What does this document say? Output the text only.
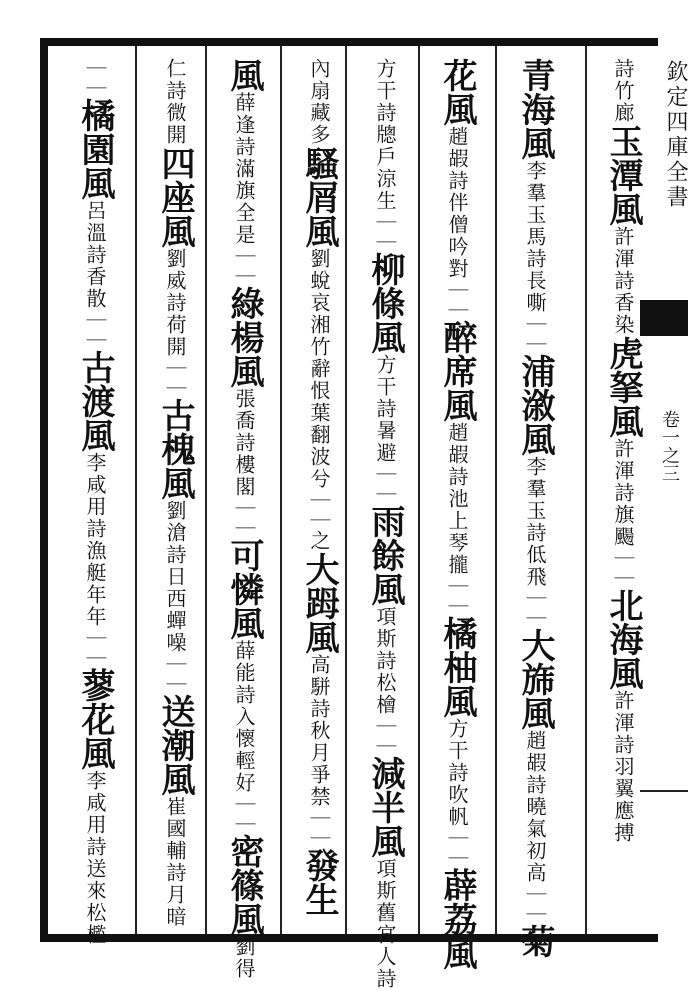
詩竹廊玉潭風許渾詩香染虎拏風許渾詩旗颺｜｜北海風許渾詩羽翼應搏
青海風李羣玉馬詩長嘶｜｜浦漵風李羣玉詩低飛｜｜大旆風趙嘏詩曉氣初高｜｜菊
花風趙嘏詩伴僧吟對｜｜醉席風趙嘏詩池上琴攏｜｜橘柚風方干詩吹帆｜｜薜荔風
方干詩牕戶涼生｜｜柳條風方干詩暑避｜｜雨餘風項斯詩松檜｜｜減半風項斯舊宮人詩
內扇藏多騷屑風劉蛻哀湘竹辭恨葉翻波兮｜｜之大𧿹風高駢詩秋月爭禁｜｜發生
風薛逢詩滿旗全是｜｜綠楊風張喬詩樓閣｜｜可憐風薛能詩入懷輕好｜｜密篠風劉得
仁詩微開四座風劉威詩荷開｜｜古槐風劉滄詩日西蟬噪｜｜送潮風崔國輔詩月暗
｜｜橘園風呂溫詩香散｜｜古渡風李咸用詩漁艇年年｜｜蓼花風李咸用詩送來松檻
欽定四庫全書
卷一之三
